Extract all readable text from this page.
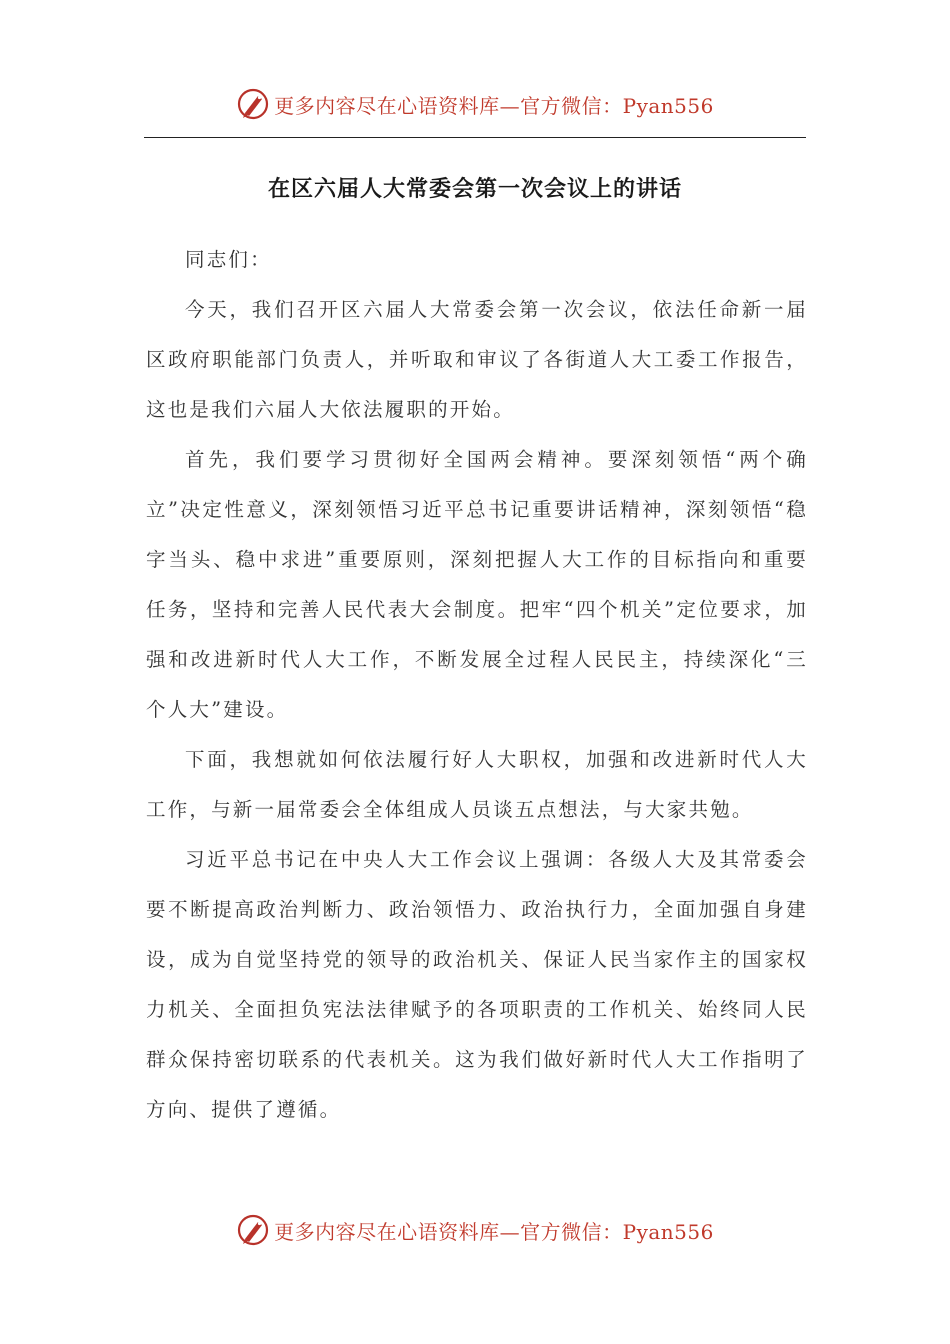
更多内容尽在心语资料库—官方微信：Pyan556
在区六届人大常委会第一次会议上的讲话

同志们：

今天，我们召开区六届人大常委会第一次会议，依法任命新一届区政府职能部门负责人，并听取和审议了各街道人大工委工作报告，这也是我们六届人大依法履职的开始。

首先，我们要学习贯彻好全国两会精神。要深刻领悟“两个确立”决定性意义，深刻领悟习近平总书记重要讲话精神，深刻领悟“稳字当头、稳中求进”重要原则，深刻把握人大工作的目标指向和重要任务，坚持和完善人民代表大会制度。把牢“四个机关”定位要求，加强和改进新时代人大工作，不断发展全过程人民民主，持续深化“三个人大”建设。

下面，我想就如何依法履行好人大职权，加强和改进新时代人大工作，与新一届常委会全体组成人员谈五点想法，与大家共勉。

习近平总书记在中央人大工作会议上强调：各级人大及其常委会要不断提高政治判断力、政治领悟力、政治执行力，全面加强自身建设，成为自觉坚持党的领导的政治机关、保证人民当家作主的国家权力机关、全面担负宪法法律赋予的各项职责的工作机关、始终同人民群众保持密切联系的代表机关。这为我们做好新时代人大工作指明了方向、提供了遵循。

更多内容尽在心语资料库—官方微信：Pyan556
